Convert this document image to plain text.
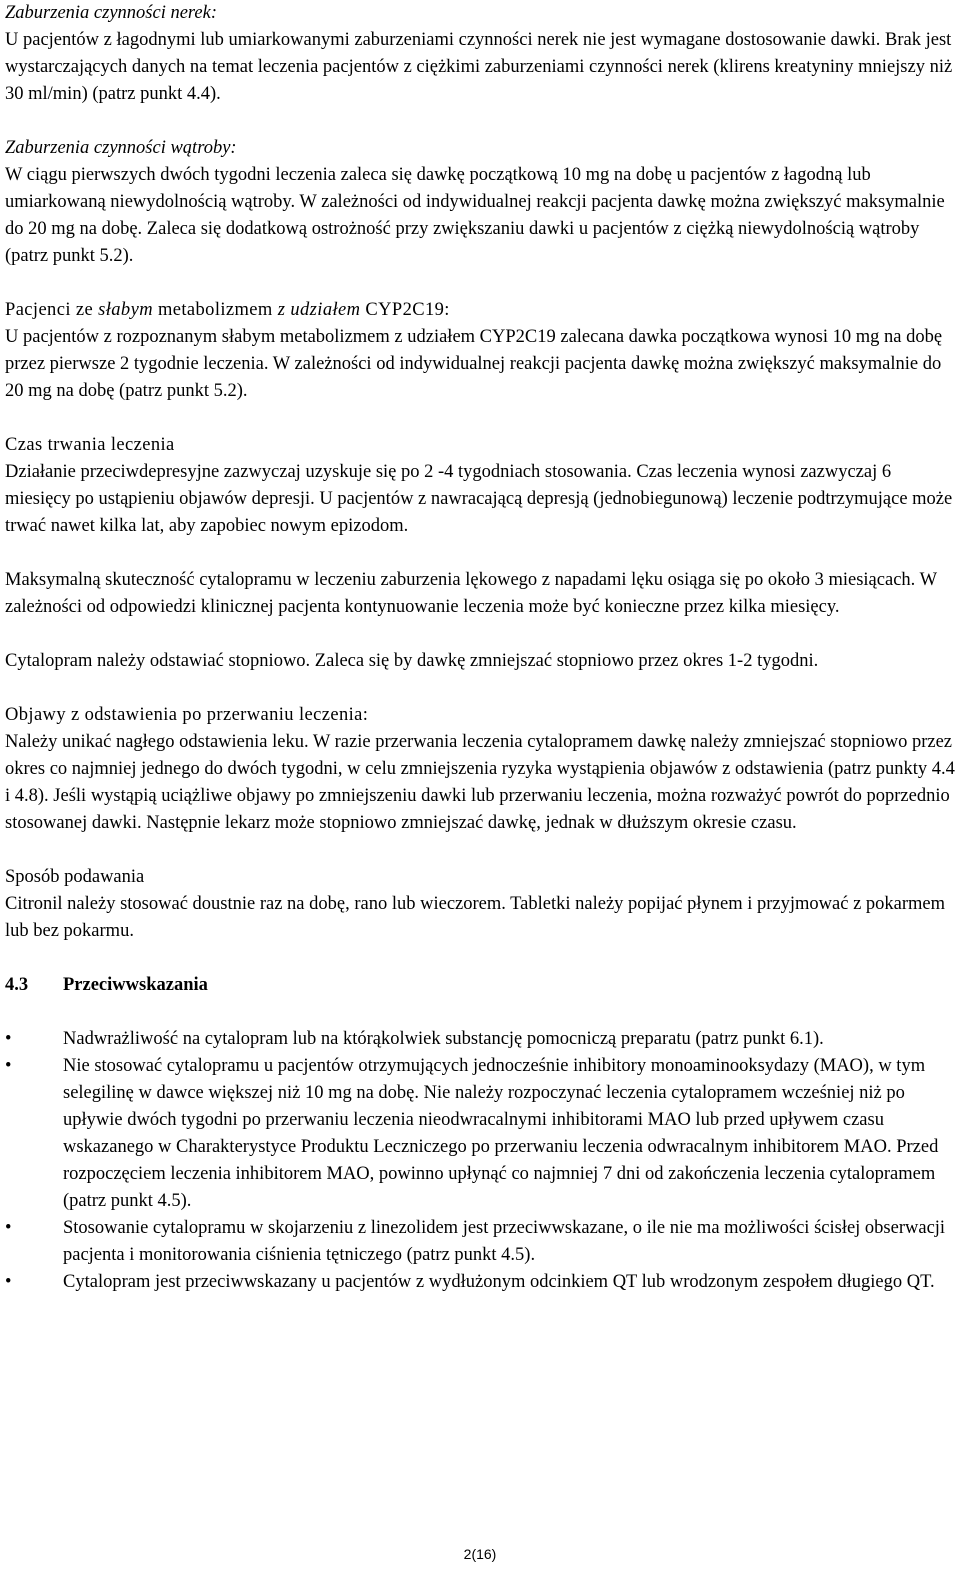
Zaburzenia czynności nerek:

U pacjentów z łagodnymi lub umiarkowanymi zaburzeniami czynności nerek nie jest wymagane dostosowanie dawki. Brak jest wystarczających danych na temat leczenia pacjentów z ciężkimi zaburzeniami czynności nerek (klirens kreatyniny mniejszy niż 30 ml/min) (patrz punkt 4.4).

Zaburzenia czynności wątroby:

W ciągu pierwszych dwóch tygodni leczenia zaleca się dawkę początkową 10 mg na dobę u pacjentów z łagodną lub umiarkowaną niewydolnością wątroby. W zależności od indywidualnej reakcji pacjenta dawkę można zwiększyć maksymalnie do 20 mg na dobę. Zaleca się dodatkową ostrożność przy zwiększaniu dawki u pacjentów z ciężką niewydolnością wątroby (patrz punkt 5.2).

Pacjenci ze słabym metabolizmem z udziałem CYP2C19:

U pacjentów z rozpoznanym słabym metabolizmem z udziałem CYP2C19 zalecana dawka początkowa wynosi 10 mg na dobę przez pierwsze 2 tygodnie leczenia. W zależności od indywidualnej reakcji pacjenta dawkę można zwiększyć maksymalnie do 20 mg na dobę (patrz punkt 5.2).

Czas trwania leczenia

Działanie przeciwdepresyjne zazwyczaj uzyskuje się po 2 -4 tygodniach stosowania. Czas leczenia wynosi zazwyczaj 6 miesięcy po ustąpieniu objawów depresji. U pacjentów z nawracającą depresją (jednobiegunową) leczenie podtrzymujące może trwać nawet kilka lat, aby zapobiec nowym epizodom.

Maksymalną skuteczność cytalopramu w leczeniu zaburzenia lękowego z napadami lęku osiąga się po około 3 miesiącach. W zależności od odpowiedzi klinicznej pacjenta kontynuowanie leczenia może być konieczne przez kilka miesięcy.

Cytalopram należy odstawiać stopniowo. Zaleca się by dawkę zmniejszać stopniowo przez okres 1-2 tygodni.

Objawy z odstawienia po przerwaniu leczenia:

Należy unikać nagłego odstawienia leku. W razie przerwania leczenia cytalopramem dawkę należy zmniejszać stopniowo przez okres co najmniej jednego do dwóch tygodni, w celu zmniejszenia ryzyka wystąpienia objawów z odstawienia (patrz punkty 4.4 i 4.8). Jeśli wystąpią uciążliwe objawy po zmniejszeniu dawki lub przerwaniu leczenia, można rozważyć powrót do poprzednio stosowanej dawki. Następnie lekarz może stopniowo zmniejszać dawkę, jednak w dłuższym okresie czasu.

Sposób podawania

Citronil należy stosować doustnie raz na dobę, rano lub wieczorem. Tabletki należy popijać płynem i przyjmować z pokarmem lub bez pokarmu.

4.3 Przeciwwskazania

•	Nadwrażliwość na cytalopram lub na którąkolwiek substancję pomocniczą preparatu (patrz punkt 6.1).
•	Nie stosować cytalopramu u pacjentów otrzymujących jednocześnie inhibitory monoaminooksydazy (MAO), w tym selegilinę w dawce większej niż 10 mg na dobę. Nie należy rozpoczynać leczenia cytalopramem wcześniej niż po upływie dwóch tygodni po przerwaniu leczenia nieodwracalnymi inhibitorami MAO lub przed upływem czasu wskazanego w Charakterystyce Produktu Leczniczego po przerwaniu leczenia odwracalnym inhibitorem MAO. Przed rozpoczęciem leczenia inhibitorem MAO, powinno upłynąć co najmniej 7 dni od zakończenia leczenia cytalopramem (patrz punkt 4.5).
•	Stosowanie cytalopramu w skojarzeniu z linezolidem jest przeciwwskazane, o ile nie ma możliwości ścisłej obserwacji pacjenta i monitorowania ciśnienia tętniczego (patrz punkt 4.5).
•	Cytalopram jest przeciwwskazany u pacjentów z wydłużonym odcinkiem QT lub wrodzonym zespołem długiego QT.
2(16)
